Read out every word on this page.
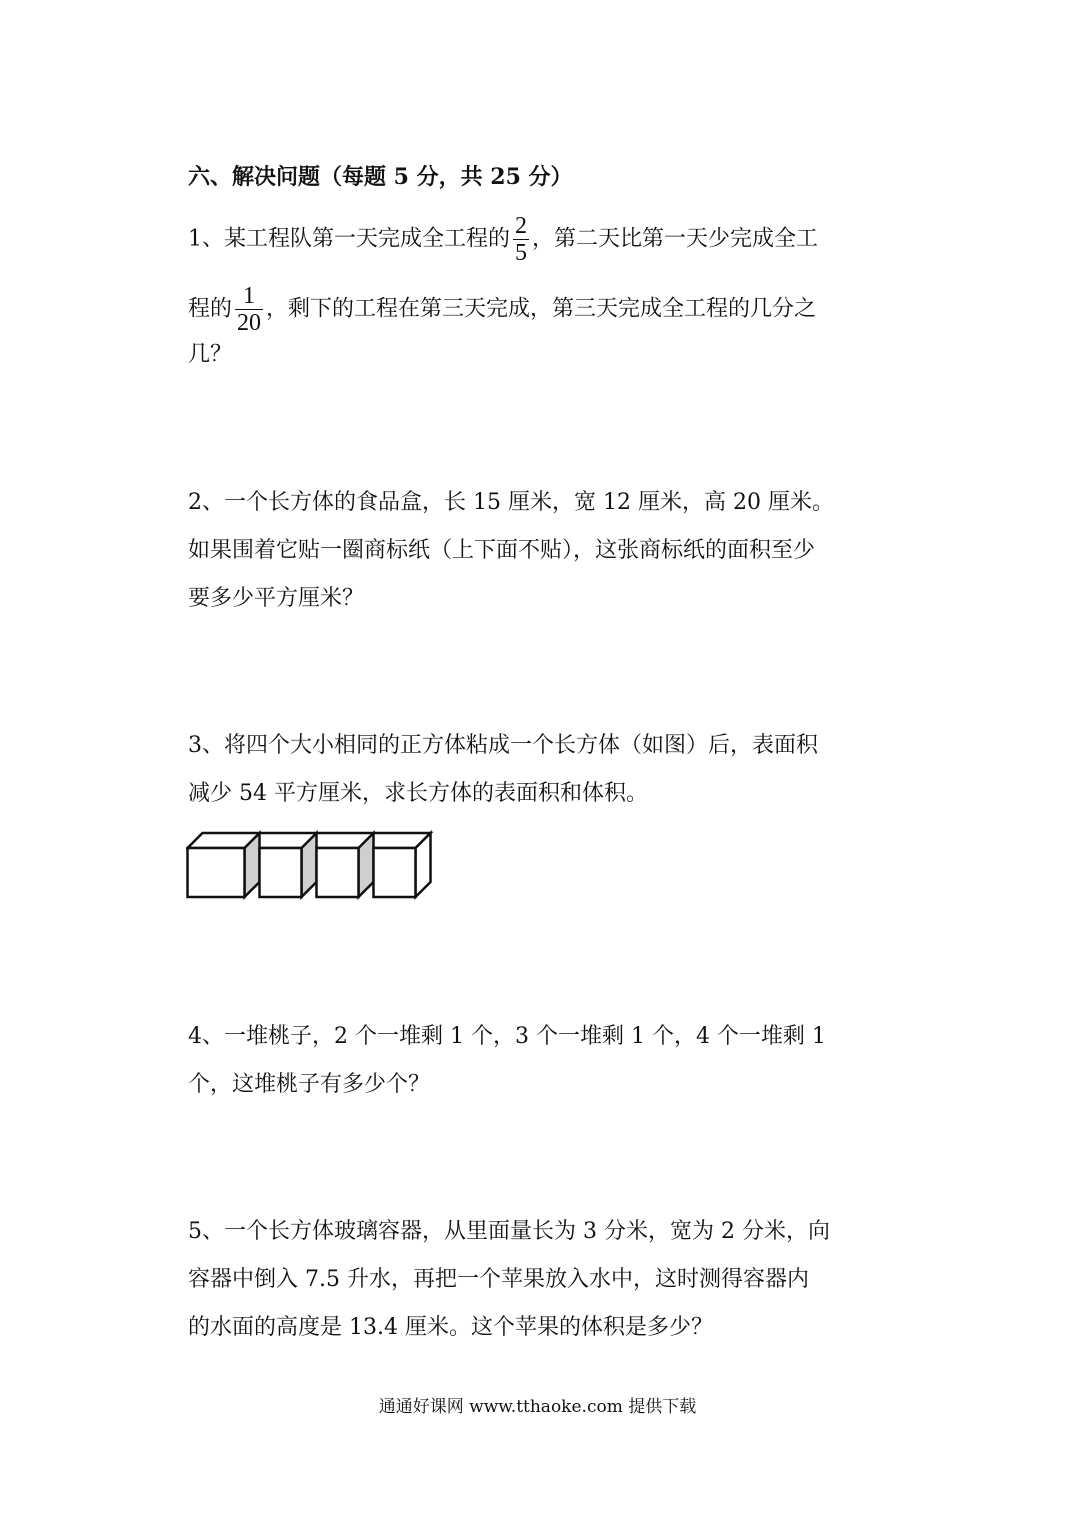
六、解决问题（每题 5 分，共 25 分）
1、某工程队第一天完成全工程的 $\frac{2}{5}$ ，第二天比第一天少完成全工
程的 $\frac{1}{20}$ ，剩下的工程在第三天完成，第三天完成全工程的几分之
几？
2、一个长方体的食品盒，长 15 厘米，宽 12 厘米，高 20 厘米。
如果围着它贴一圈商标纸（上下面不贴），这张商标纸的面积至少
要多少平方厘米？
3、将四个大小相同的正方体粘成一个长方体（如图）后，表面积
减少 54 平方厘米，求长方体的表面积和体积。
4、一堆桃子，2 个一堆剩 1 个，3 个一堆剩 1 个，4 个一堆剩 1
个，这堆桃子有多少个？
5、一个长方体玻璃容器，从里面量长为 3 分米，宽为 2 分米，向
容器中倒入 7.5 升水，再把一个苹果放入水中，这时测得容器内
的水面的高度是 13.4 厘米。这个苹果的体积是多少？
通通好课网 www.tthaoke.com 提供下载
